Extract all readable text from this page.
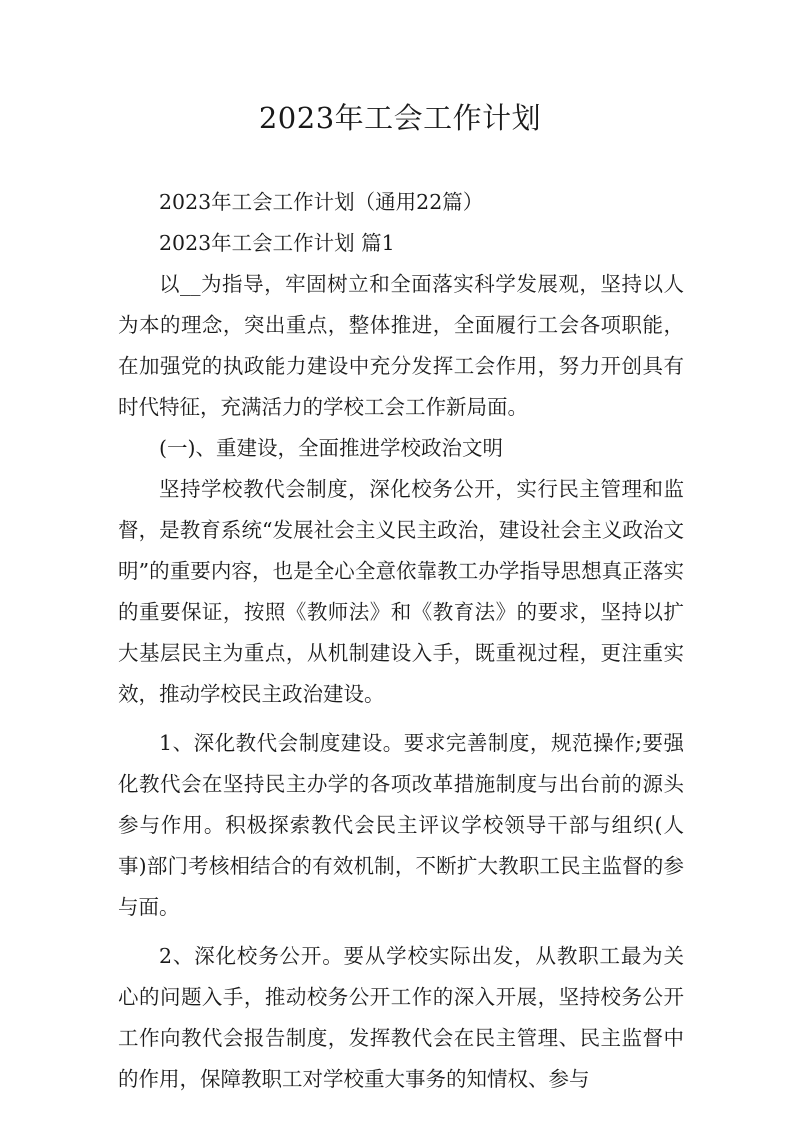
2023年工会工作计划

2023年工会工作计划（通用22篇）

2023年工会工作计划 篇1

以__为指导，牢固树立和全面落实科学发展观，坚持以人为本的理念，突出重点，整体推进，全面履行工会各项职能，在加强党的执政能力建设中充分发挥工会作用，努力开创具有时代特征，充满活力的学校工会工作新局面。

(一)、重建设，全面推进学校政治文明

坚持学校教代会制度，深化校务公开，实行民主管理和监督，是教育系统“发展社会主义民主政治，建设社会主义政治文明”的重要内容，也是全心全意依靠教工办学指导思想真正落实的重要保证，按照《教师法》和《教育法》的要求，坚持以扩大基层民主为重点，从机制建设入手，既重视过程，更注重实效，推动学校民主政治建设。

1、深化教代会制度建设。要求完善制度，规范操作;要强化教代会在坚持民主办学的各项改革措施制度与出台前的源头参与作用。积极探索教代会民主评议学校领导干部与组织(人事)部门考核相结合的有效机制，不断扩大教职工民主监督的参与面。

2、深化校务公开。要从学校实际出发，从教职工最为关心的问题入手，推动校务公开工作的深入开展，坚持校务公开工作向教代会报告制度，发挥教代会在民主管理、民主监督中的作用，保障教职工对学校重大事务的知情权、参与
